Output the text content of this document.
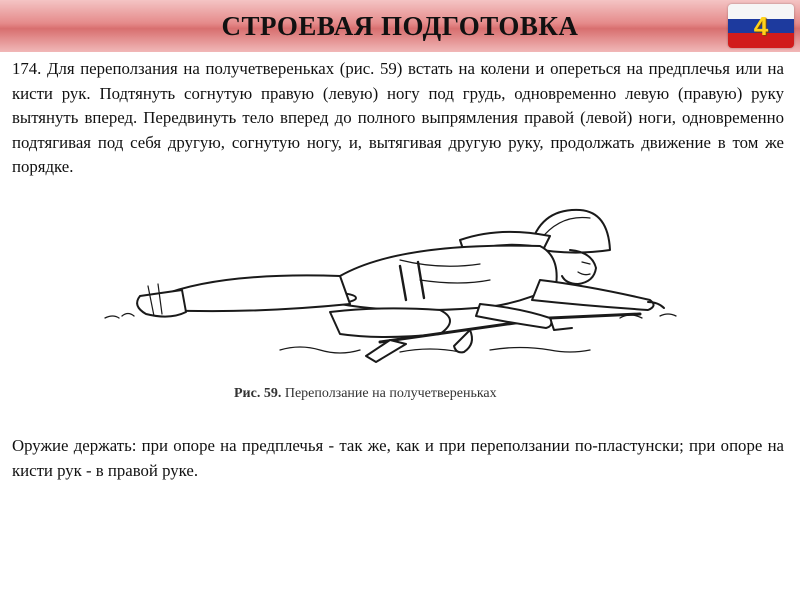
СТРОЕВАЯ ПОДГОТОВКА	4

174. Для переползания на получетвереньках (рис. 59) встать на колени и опереться на предплечья или на кисти рук. Подтянуть согнутую правую (левую) ногу под грудь, одновременно левую (правую) руку вытянуть вперед. Передвинуть тело вперед до полного выпрямления правой (левой) ноги, одновременно подтягивая под себя другую, согнутую ногу, и, вытягивая другую руку, продолжать движение в том же порядке.

Рис. 59. Переползание на получетвереньках

Оружие держать: при опоре на предплечья - так же, как и при переползании по-пластунски; при опоре на кисти рук - в правой руке.
